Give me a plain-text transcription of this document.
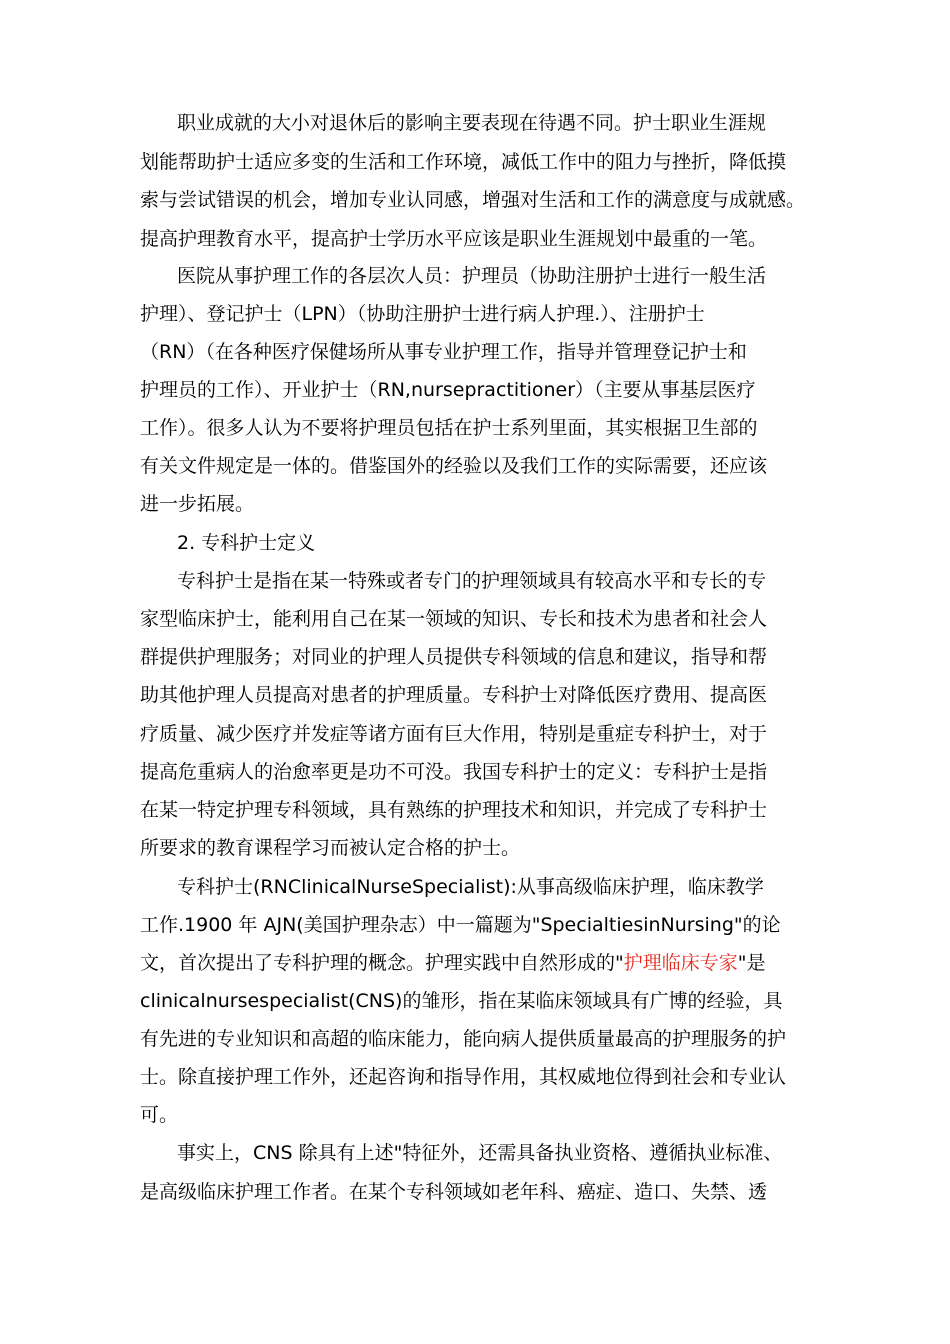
职业成就的大小对退休后的影响主要表现在待遇不同。护士职业生涯规
划能帮助护士适应多变的生活和工作环境，减低工作中的阻力与挫折，降低摸
索与尝试错误的机会，增加专业认同感，增强对生活和工作的满意度与成就感。
提高护理教育水平，提高护士学历水平应该是职业生涯规划中最重的一笔。
医院从事护理工作的各层次人员：护理员（协助注册护士进行一般生活
护理）、登记护士（LPN）（协助注册护士进行病人护理.）、注册护士
（RN）（在各种医疗保健场所从事专业护理工作，指导并管理登记护士和
护理员的工作）、开业护士（RN,nursepractitioner）（主要从事基层医疗
工作）。很多人认为不要将护理员包括在护士系列里面，其实根据卫生部的
有关文件规定是一体的。借鉴国外的经验以及我们工作的实际需要，还应该
进一步拓展。
2. 专科护士定义
专科护士是指在某一特殊或者专门的护理领域具有较高水平和专长的专
家型临床护士，能利用自己在某一领域的知识、专长和技术为患者和社会人
群提供护理服务；对同业的护理人员提供专科领域的信息和建议，指导和帮
助其他护理人员提高对患者的护理质量。专科护士对降低医疗费用、提高医
疗质量、减少医疗并发症等诸方面有巨大作用，特别是重症专科护士，对于
提高危重病人的治愈率更是功不可没。我国专科护士的定义：专科护士是指
在某一特定护理专科领域，具有熟练的护理技术和知识，并完成了专科护士
所要求的教育课程学习而被认定合格的护士。
专科护士(RNClinicalNurseSpecialist):从事高级临床护理，临床教学
工作.1900 年 AJN(美国护理杂志）中一篇题为"SpecialtiesinNursing"的论
文，首次提出了专科护理的概念。护理实践中自然形成的"护理临床专家"是
clinicalnursespecialist(CNS)的雏形，指在某临床领域具有广博的经验，具
有先进的专业知识和高超的临床能力，能向病人提供质量最高的护理服务的护
士。除直接护理工作外，还起咨询和指导作用，其权威地位得到社会和专业认
可。
事实上，CNS 除具有上述"特征外，还需具备执业资格、遵循执业标准、
是高级临床护理工作者。在某个专科领域如老年科、癌症、造口、失禁、透
